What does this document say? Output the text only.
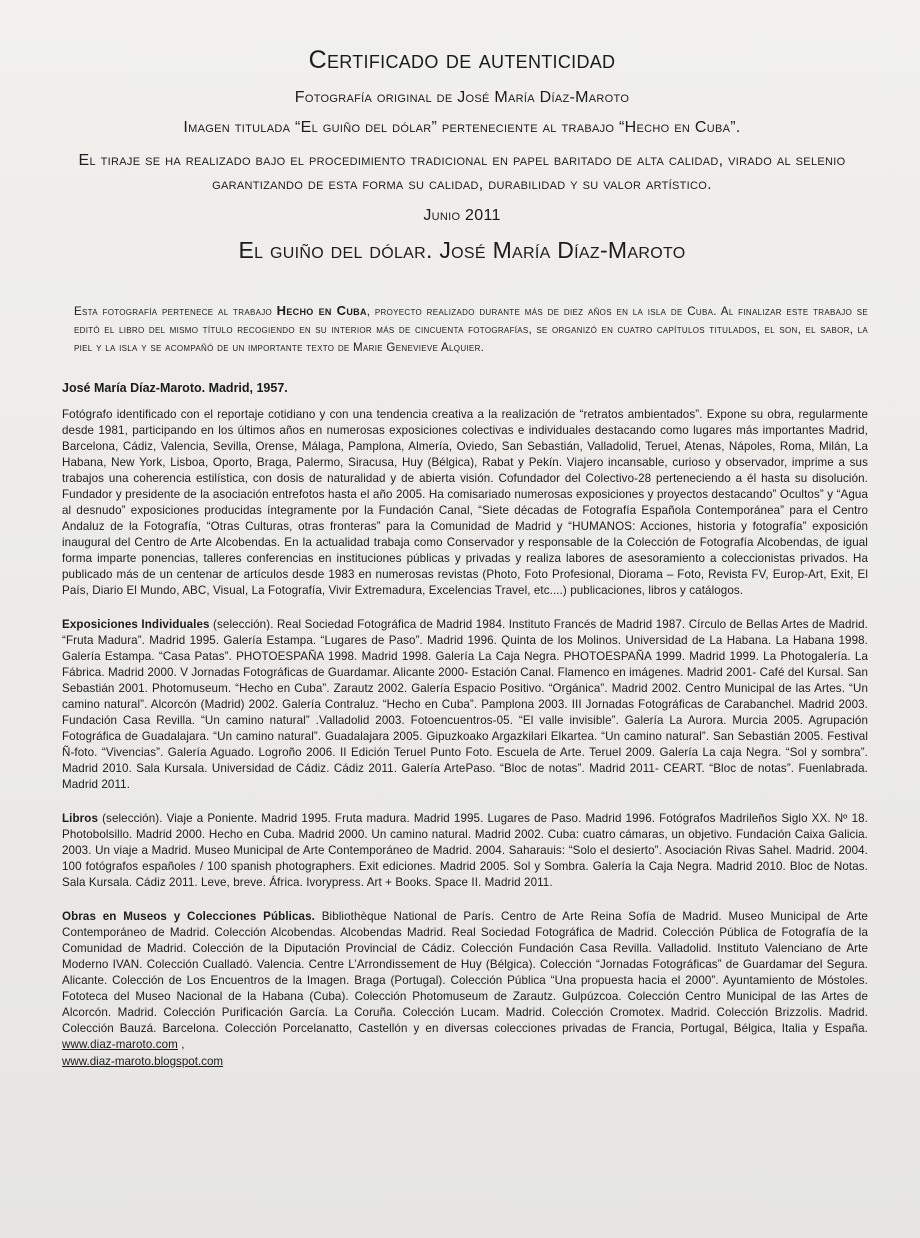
Certificado de autenticidad
Fotografía original de José María Díaz-Maroto
Imagen titulada “El guiño del dólar” perteneciente al trabajo “Hecho en Cuba”.
El tiraje se ha realizado bajo el procedimiento tradicional en papel baritado de alta calidad, virado al selenio garantizando de esta forma su calidad, durabilidad y su valor artístico.
Junio 2011
El guiño del dólar. José María Díaz-Maroto

Esta fotografía pertenece al trabajo Hecho en Cuba, proyecto realizado durante más de diez años en la isla de Cuba. Al finalizar este trabajo se editó el libro del mismo título recogiendo en su interior más de cincuenta fotografías, se organizó en cuatro capítulos titulados, el son, el sabor, la piel y la isla y se acompañó de un importante texto de Marie Genevieve Alquier.

José María Díaz-Maroto. Madrid, 1957.

Fotógrafo identificado con el reportaje cotidiano y con una tendencia creativa a la realización de “retratos ambientados”. Expone su obra, regularmente desde 1981, participando en los últimos años en numerosas exposiciones colectivas e individuales destacando como lugares más importantes Madrid, Barcelona, Cádiz, Valencia, Sevilla, Orense, Málaga, Pamplona, Almería, Oviedo, San Sebastián, Valladolid, Teruel, Atenas, Nápoles, Roma, Milán, La Habana, New York, Lisboa, Oporto, Braga, Palermo, Siracusa, Huy (Bélgica), Rabat y Pekín. Viajero incansable, curioso y observador, imprime a sus trabajos una coherencia estilística, con dosis de naturalidad y de abierta visión. Cofundador del Colectivo-28 perteneciendo a él hasta su disolución. Fundador y presidente de la asociación entrefotos hasta el año 2005. Ha comisariado numerosas exposiciones y proyectos destacando” Ocultos” y “Agua al desnudo” exposiciones producidas íntegramente por la Fundación Canal, “Siete décadas de Fotografía Española Contemporánea” para el Centro Andaluz de la Fotografía, “Otras Culturas, otras fronteras” para la Comunidad de Madrid y “HUMANOS: Acciones, historia y fotografía” exposición inaugural del Centro de Arte Alcobendas. En la actualidad trabaja como Conservador y responsable de la Colección de Fotografía Alcobendas, de igual forma imparte ponencias, talleres conferencias en instituciones públicas y privadas y realiza labores de asesoramiento a coleccionistas privados. Ha publicado más de un centenar de artículos desde 1983 en numerosas revistas (Photo, Foto Profesional, Diorama – Foto, Revista FV, Europ-Art, Exit, El País, Diario El Mundo, ABC, Visual, La Fotografía, Vivir Extremadura, Excelencias Travel, etc....) publicaciones, libros y catálogos.

Exposiciones Individuales (selección). Real Sociedad Fotográfica de Madrid 1984. Instituto Francés de Madrid 1987. Círculo de Bellas Artes de Madrid. “Fruta Madura”. Madrid 1995. Galería Estampa. “Lugares de Paso”. Madrid 1996. Quinta de los Molinos. Universidad de La Habana. La Habana 1998. Galería Estampa. “Casa Patas”. PHOTOESPAÑA 1998. Madrid 1998. Galería La Caja Negra. PHOTOESPAÑA 1999. Madrid 1999. La Photogalería. La Fábrica. Madrid 2000. V Jornadas Fotográficas de Guardamar. Alicante 2000- Estación Canal. Flamenco en imágenes. Madrid 2001- Café del Kursal. San Sebastián 2001. Photomuseum. “Hecho en Cuba”. Zarautz 2002. Galería Espacio Positivo. “Orgánica”. Madrid 2002. Centro Municipal de las Artes. “Un camino natural”. Alcorcón (Madrid) 2002. Galería Contraluz. “Hecho en Cuba”. Pamplona 2003. III Jornadas Fotográficas de Carabanchel. Madrid 2003. Fundación Casa Revilla. “Un camino natural” .Valladolid 2003. Fotoencuentros-05. “El valle invisible”. Galería La Aurora. Murcia 2005. Agrupación Fotográfica de Guadalajara. “Un camino natural”. Guadalajara 2005. Gipuzkoako Argazkilari Elkartea. “Un camino natural”. San Sebastián 2005. Festival Ñ-foto. “Vivencias”. Galería Aguado. Logroño 2006. II Edición Teruel Punto Foto. Escuela de Arte. Teruel 2009. Galería La caja Negra. “Sol y sombra”. Madrid 2010. Sala Kursala. Universidad de Cádiz. Cádiz 2011. Galería ArtePaso. “Bloc de notas”. Madrid 2011- CEART. “Bloc de notas”. Fuenlabrada. Madrid 2011.

Libros (selección). Viaje a Poniente. Madrid 1995. Fruta madura. Madrid 1995. Lugares de Paso. Madrid 1996. Fotógrafos Madrileños Siglo XX. Nº 18. Photobolsillo. Madrid 2000. Hecho en Cuba. Madrid 2000. Un camino natural. Madrid 2002. Cuba: cuatro cámaras, un objetivo. Fundación Caixa Galicia. 2003. Un viaje a Madrid. Museo Municipal de Arte Contemporáneo de Madrid. 2004. Saharauis: “Solo el desierto”. Asociación Rivas Sahel. Madrid. 2004. 100 fotógrafos españoles / 100 spanish photographers. Exit ediciones. Madrid 2005. Sol y Sombra. Galería la Caja Negra. Madrid 2010. Bloc de Notas. Sala Kursala. Cádiz 2011. Leve, breve. África. Ivorypress. Art + Books. Space II. Madrid 2011.

Obras en Museos y Colecciones Públicas. Bibliothèque National de París. Centro de Arte Reina Sofía de Madrid. Museo Municipal de Arte Contemporáneo de Madrid. Colección Alcobendas. Alcobendas Madrid. Real Sociedad Fotográfica de Madrid. Colección Pública de Fotografía de la Comunidad de Madrid. Colección de la Diputación Provincial de Cádiz. Colección Fundación Casa Revilla. Valladolid. Instituto Valenciano de Arte Moderno IVAN. Colección Cualladó. Valencia. Centre L’Arrondissement de Huy (Bélgica). Colección “Jornadas Fotográficas” de Guardamar del Segura. Alicante. Colección de Los Encuentros de la Imagen. Braga (Portugal). Colección Pública “Una propuesta hacia el 2000”. Ayuntamiento de Móstoles. Fototeca del Museo Nacional de la Habana (Cuba). Colección Photomuseum de Zarautz. Gulpúzcoa. Colección Centro Municipal de las Artes de Alcorcón. Madrid. Colección Purificación García. La Coruña. Colección Lucam. Madrid. Colección Cromotex. Madrid. Colección Brizzolis. Madrid. Colección Bauzá. Barcelona. Colección Porcelanatto, Castellón y en diversas colecciones privadas de Francia, Portugal, Bélgica, Italia y España. www.diaz-maroto.com ,

www.diaz-maroto.blogspot.com
